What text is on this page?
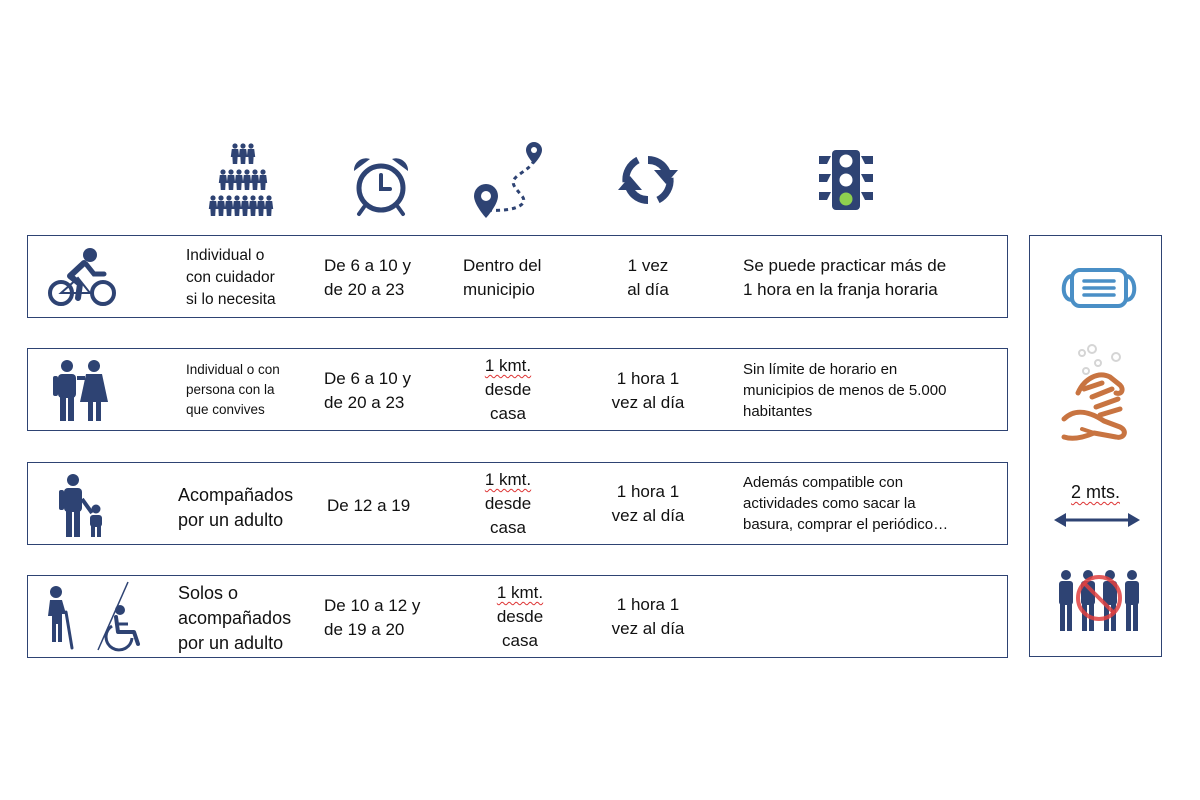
Individual o
con cuidador
si lo necesita
De 6 a 10 y
de 20 a 23
Dentro del
municipio
1 vez
al día
Se puede practicar más de
1 hora en la franja horaria
Individual o con
persona con la
que convives
De 6 a 10 y
de 20 a 23
1 kmt.
desde
casa
1 hora 1
vez al día
Sin límite de horario en
municipios de menos de 5.000
habitantes
Acompañados
por un adulto
De 12 a 19
1 kmt.
desde
casa
1 hora 1
vez al día
Además compatible con
actividades como sacar la
basura, comprar el periódico…
Solos o
acompañados
por un adulto
De 10 a 12 y
de 19 a 20
1 kmt.
desde
casa
1 hora 1
vez al día
2 mts.
